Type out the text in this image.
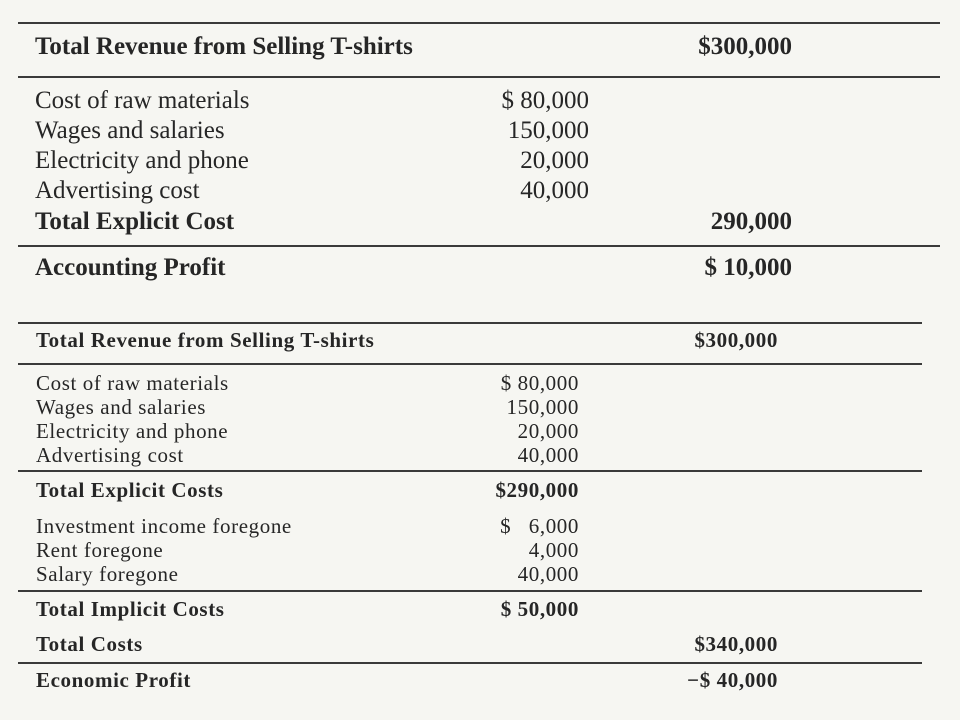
Total Revenue from Selling T-shirts	$300,000
Cost of raw materials	$ 80,000
Wages and salaries	150,000
Electricity and phone	20,000
Advertising cost	40,000
Total Explicit Cost	290,000
Accounting Profit	$ 10,000
Total Revenue from Selling T-shirts	$300,000
Cost of raw materials	$ 80,000
Wages and salaries	150,000
Electricity and phone	20,000
Advertising cost	40,000
Total Explicit Costs	$290,000
Investment income foregone	$   6,000
Rent foregone	4,000
Salary foregone	40,000
Total Implicit Costs	$ 50,000
Total Costs	$340,000
Economic Profit	−$ 40,000
